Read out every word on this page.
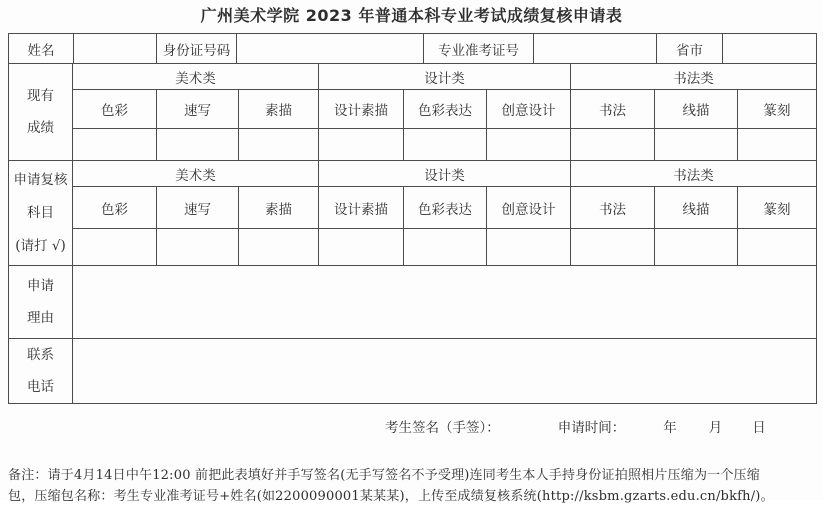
广州美术学院 2023 年普通本科专业考试成绩复核申请表
姓名		身份证号码		专业准考证号		省市	
现有
成绩	美术类			设计类			书法类		
	色彩	速写	素描	设计素描	色彩表达	创意设计	书法	线描	篆刻

申请复核
科目
(请打 √)	美术类			设计类			书法类		
	色彩	速写	素描	设计素描	色彩表达	创意设计	书法	线描	篆刻

申请
理由	

联系
电话	

考生签名（手签）：	申请时间：	年 月 日
备注：请于4月14日中午12:00 前把此表填好并手写签名(无手写签名不予受理)连同考生本人手持身份证拍照相片压缩为一个压缩
包，压缩包名称：考生专业准考证号+姓名(如2200090001某某某)，上传至成绩复核系统(http://ksbm.gzarts.edu.cn/bkfh/)。
